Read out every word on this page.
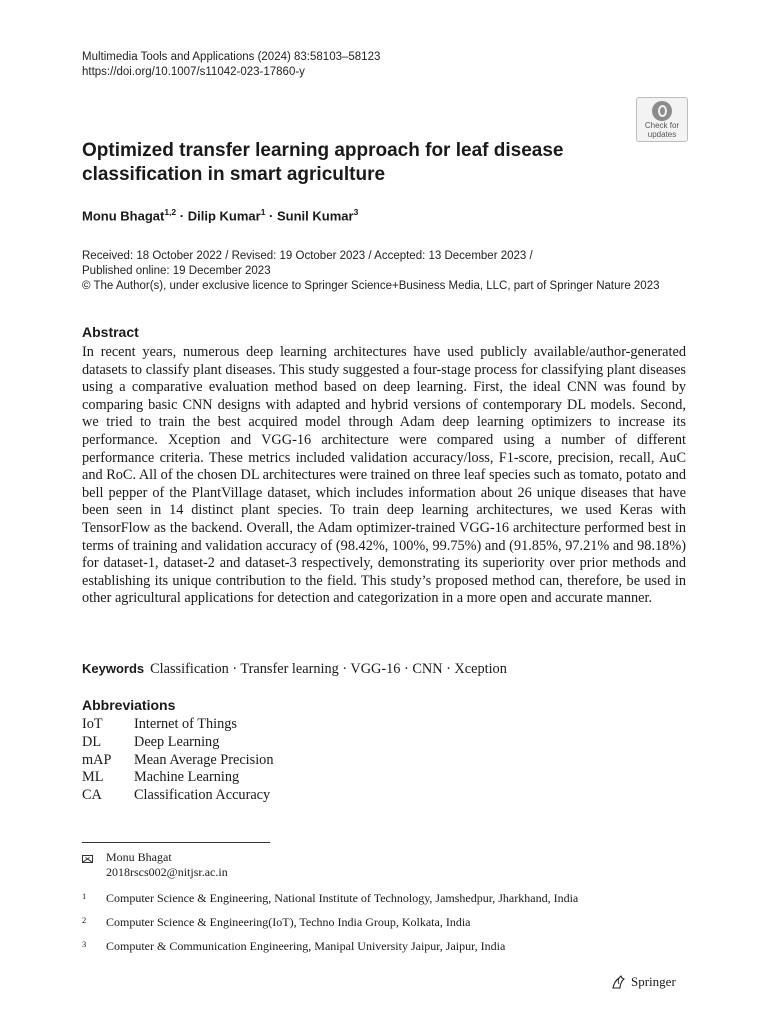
Multimedia Tools and Applications (2024) 83:58103–58123
https://doi.org/10.1007/s11042-023-17860-y
Check for
updates
Optimized transfer learning approach for leaf disease classification in smart agriculture
Monu Bhagat$^{1,2}$ · Dilip Kumar$^1$ · Sunil Kumar$^3$
Received: 18 October 2022 / Revised: 19 October 2023 / Accepted: 13 December 2023 /
Published online: 19 December 2023
© The Author(s), under exclusive licence to Springer Science+Business Media, LLC, part of Springer Nature 2023
Abstract

In recent years, numerous deep learning architectures have used publicly available/author-generated datasets to classify plant diseases. This study suggested a four-stage process for classifying plant diseases using a comparative evaluation method based on deep learning. First, the ideal CNN was found by comparing basic CNN designs with adapted and hybrid versions of contemporary DL models. Second, we tried to train the best acquired model through Adam deep learning optimizers to increase its performance. Xception and VGG-16 architecture were compared using a number of different performance criteria. These metrics included validation accuracy/loss, F1-score, precision, recall, AuC and RoC. All of the chosen DL architectures were trained on three leaf species such as tomato, potato and bell pepper of the PlantVillage dataset, which includes information about 26 unique diseases that have been seen in 14 distinct plant species. To train deep learning architectures, we used Keras with TensorFlow as the backend. Overall, the Adam optimizer-trained VGG-16 architecture performed best in terms of training and validation accuracy of (98.42%, 100%, 99.75%) and (91.85%, 97.21% and 98.18%) for dataset-1, dataset-2 and dataset-3 respectively, demonstrating its superiority over prior methods and establishing its unique contribution to the field. This study’s proposed method can, therefore, be used in other agricultural applications for detection and categorization in a more open and accurate manner.

Keywords Classification · Transfer learning · VGG-16 · CNN · Xception
Abbreviations
IoT	Internet of Things
DL	Deep Learning
mAP	Mean Average Precision
ML	Machine Learning
CA	Classification Accuracy
Monu Bhagat
2018rscs002@nitjsr.ac.in
1	Computer Science & Engineering, National Institute of Technology, Jamshedpur, Jharkhand, India
2	Computer Science & Engineering(IoT), Techno India Group, Kolkata, India
3	Computer & Communication Engineering, Manipal University Jaipur, Jaipur, India
Springer
